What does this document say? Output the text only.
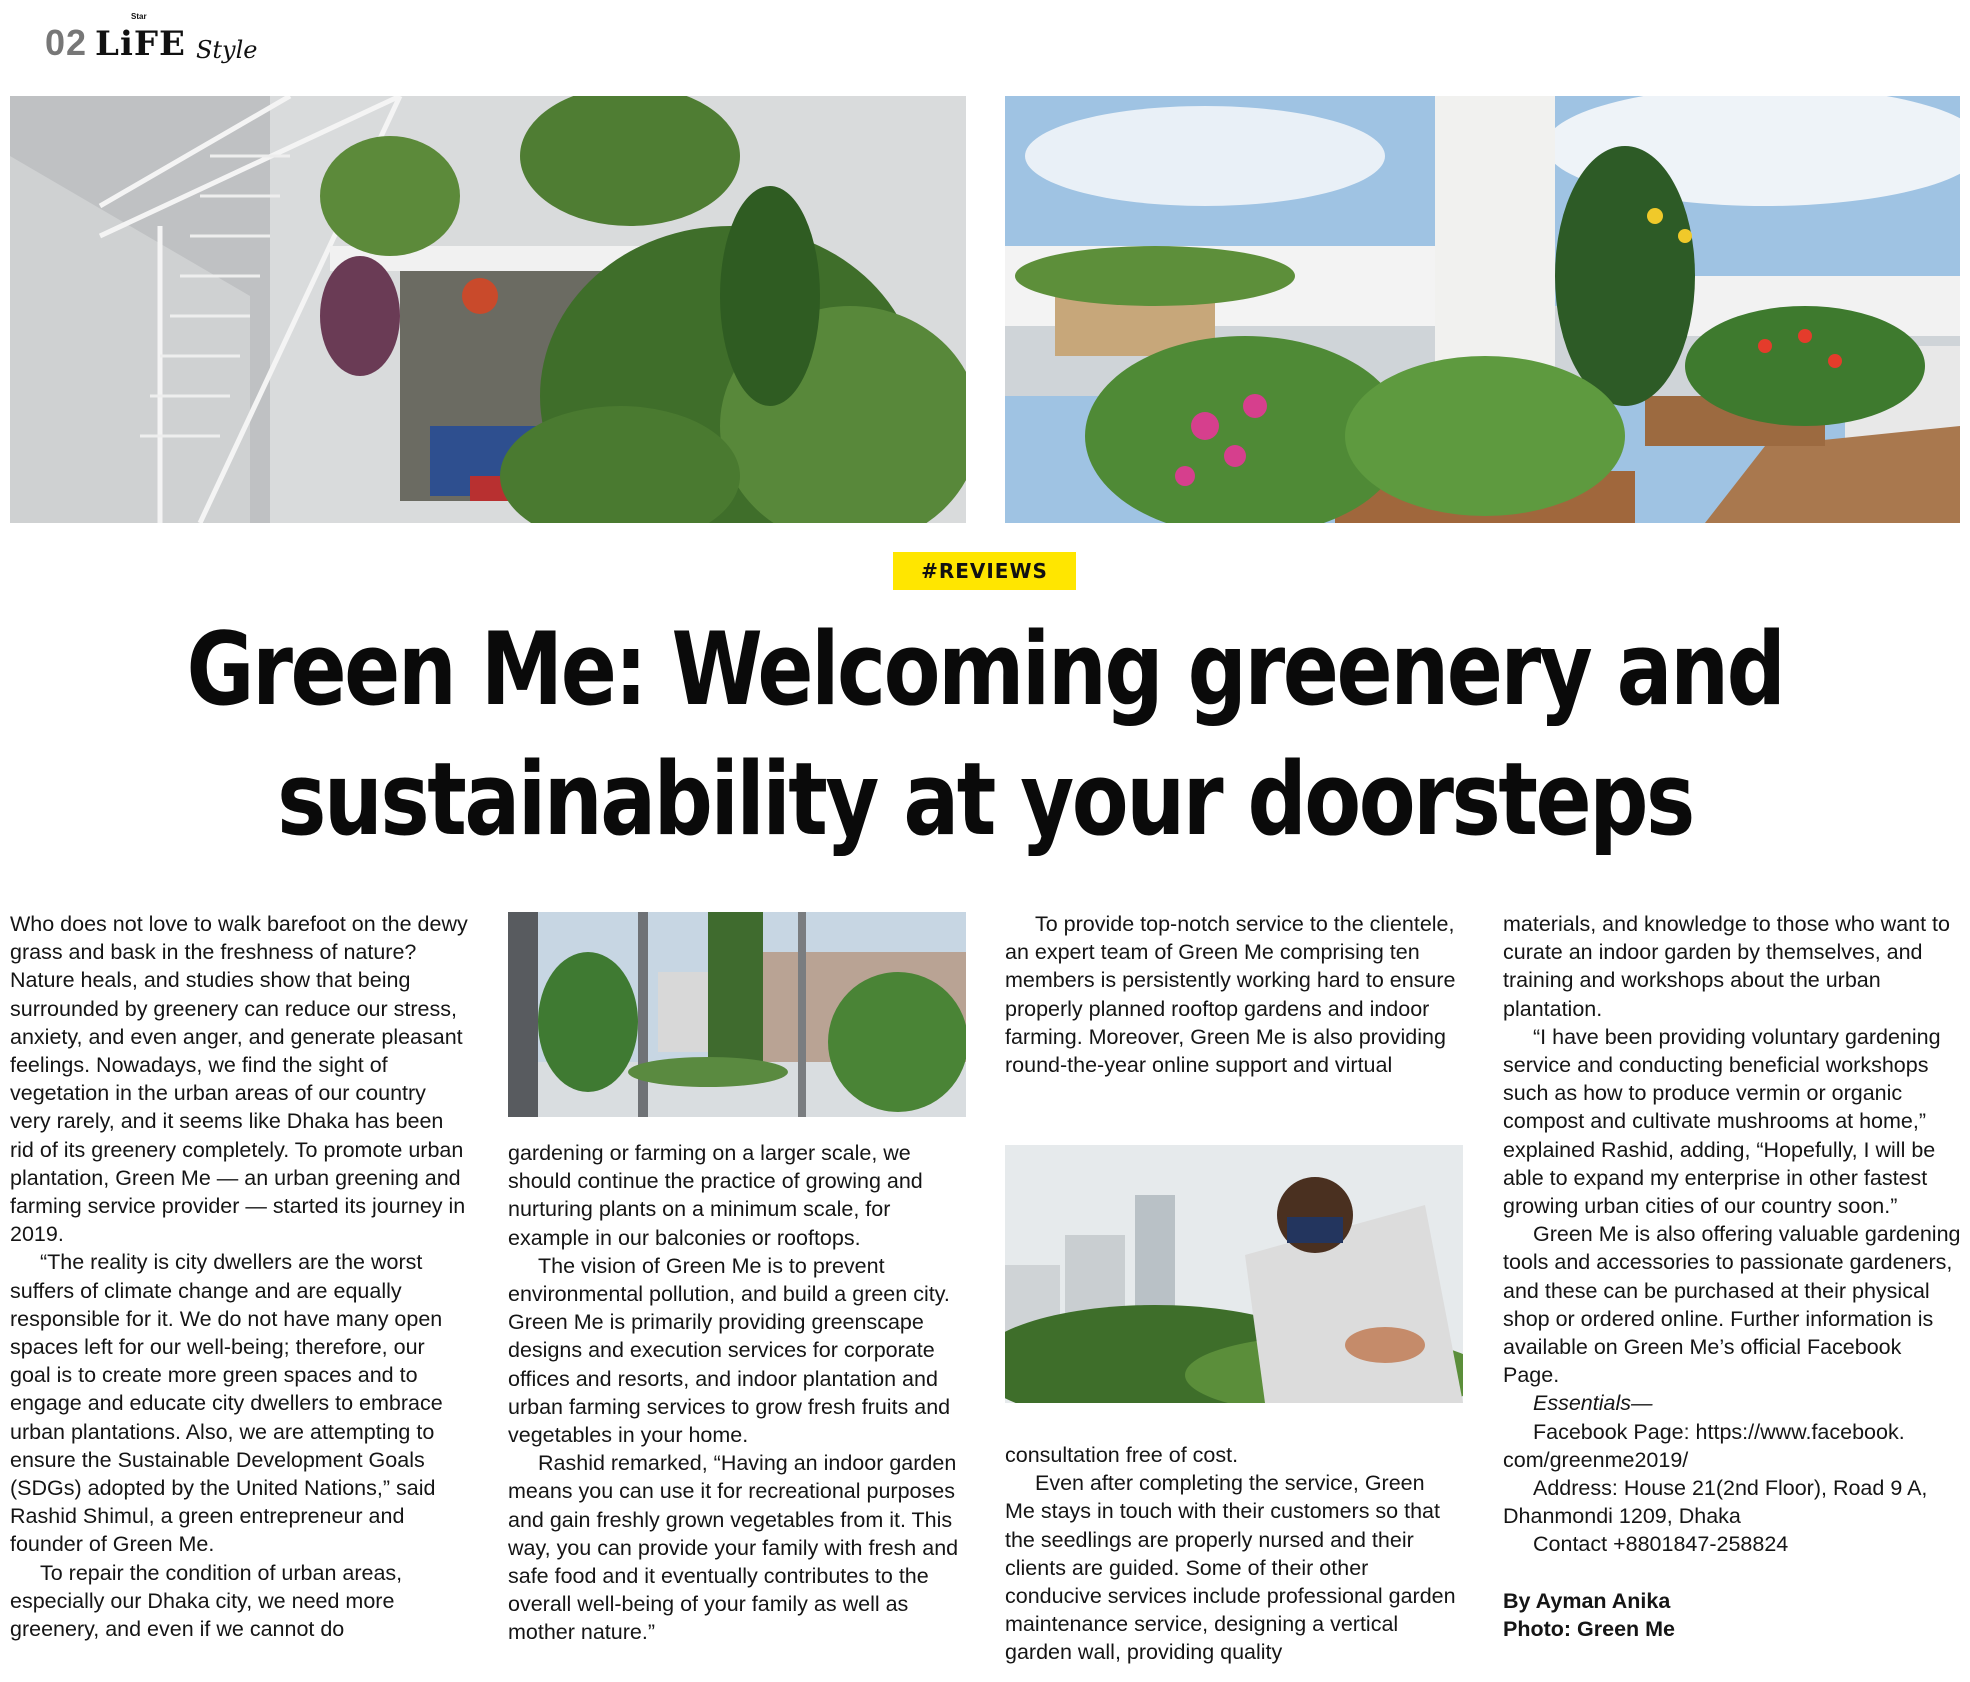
02
Star
LiFE Style
#REVIEWS
Green Me: Welcoming greenery and
sustainability at your doorsteps

Who does not love to walk barefoot on the dewy grass and bask in the freshness of nature? Nature heals, and studies show that being surrounded by greenery can reduce our stress, anxiety, and even anger, and generate pleasant feelings. Nowadays, we find the sight of vegetation in the urban areas of our country very rarely, and it seems like Dhaka has been rid of its greenery completely. To promote urban plantation, Green Me — an urban greening and farming service provider — started its journey in 2019.

“The reality is city dwellers are the worst suffers of climate change and are equally responsible for it. We do not have many open spaces left for our well-being; therefore, our goal is to create more green spaces and to engage and educate city dwellers to embrace urban plantations. Also, we are attempting to ensure the Sustainable Development Goals (SDGs) adopted by the United Nations,” said Rashid Shimul, a green entrepreneur and founder of Green Me.

To repair the condition of urban areas, especially our Dhaka city, we need more greenery, and even if we cannot do

gardening or farming on a larger scale, we should continue the practice of growing and nurturing plants on a minimum scale, for example in our balconies or rooftops.

The vision of Green Me is to prevent environmental pollution, and build a green city. Green Me is primarily providing greenscape designs and execution services for corporate offices and resorts, and indoor plantation and urban farming services to grow fresh fruits and vegetables in your home.

Rashid remarked, “Having an indoor garden means you can use it for recreational purposes and gain freshly grown vegetables from it. This way, you can provide your family with fresh and safe food and it eventually contributes to the overall well-being of your family as well as mother nature.”

To provide top-notch service to the clientele, an expert team of Green Me comprising ten members is persistently working hard to ensure properly planned rooftop gardens and indoor farming. Moreover, Green Me is also providing round-the-year online support and virtual

consultation free of cost.

Even after completing the service, Green Me stays in touch with their customers so that the seedlings are properly nursed and their clients are guided. Some of their other conducive services include professional garden maintenance service, designing a vertical garden wall, providing quality

materials, and knowledge to those who want to curate an indoor garden by themselves, and training and workshops about the urban plantation.

“I have been providing voluntary gardening service and conducting beneficial workshops such as how to produce vermin or organic compost and cultivate mushrooms at home,” explained Rashid, adding, “Hopefully, I will be able to expand my enterprise in other fastest growing urban cities of our country soon.”

Green Me is also offering valuable gardening tools and accessories to passionate gardeners, and these can be purchased at their physical shop or ordered online. Further information is available on Green Me’s official Facebook Page.

Essentials—

Facebook Page: https://www.facebook. com/greenme2019/

Address: House 21(2nd Floor), Road 9 A, Dhanmondi 1209, Dhaka

Contact +8801847-258824

By Ayman Anika

Photo: Green Me
